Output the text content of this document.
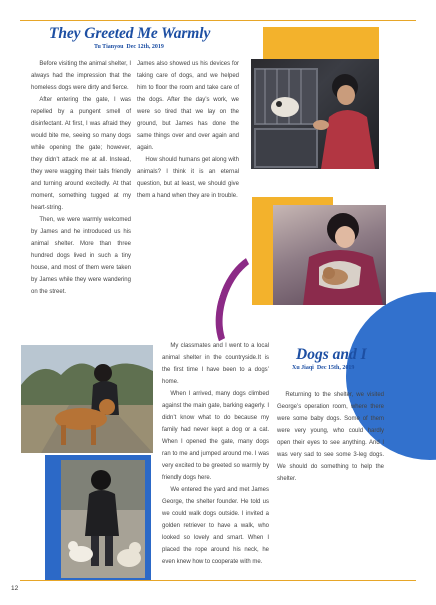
They Greeted Me Warmly
Tu Tianyou Dec 12th, 2019

Before visiting the animal shelter, I always had the impression that the homeless dogs were dirty and fierce.

After entering the gate, I was repelled by a pungent smell of disinfectant. At first, I was afraid they would bite me, seeing so many dogs while opening the gate; however, they didn’t attack me at all. Instead, they were wagging their tails friendly and turning around excitedly. At that moment, something tugged at my heart-string.

Then, we were warmly welcomed by James and he introduced us his animal shelter. More than three hundred dogs lived in such a tiny house, and most of them were taken by James while they were wandering on the street.

James also showed us his devices for taking care of dogs, and we helped him to floor the room and take care of the dogs. After the day’s work, we were so tired that we lay on the ground, but James has done the same things over and over again and again.

How should humans get along with animals? I think it is an eternal question, but at least, we should give them a hand when they are in trouble.

Dogs and I
Xu Jiaqi Dec 15th, 2019

My classmates and I went to a local animal shelter in the countryside.It is the first time I have been to a dogs’ home.

When I arrived, many dogs climbed against the main gate, barking eagerly. I didn’t know what to do because my family had never kept a dog or a cat. When I opened the gate, many dogs ran to me and jumped around me. I was very excited to be greeted so warmly by friendly dogs here.

We entered the yard and met James George, the shelter founder. He told us we could walk dogs outside. I invited a golden retriever to have a walk, who looked so lovely and smart. When I placed the rope around his neck, he even knew how to cooperate with me.

Returning to the shelter, we visited George’s operation room, where there were some baby dogs. Some of them were very young, who could hardly open their eyes to see anything. And I was very sad to see some 3-leg dogs. We should do something to help the shelter.

12
